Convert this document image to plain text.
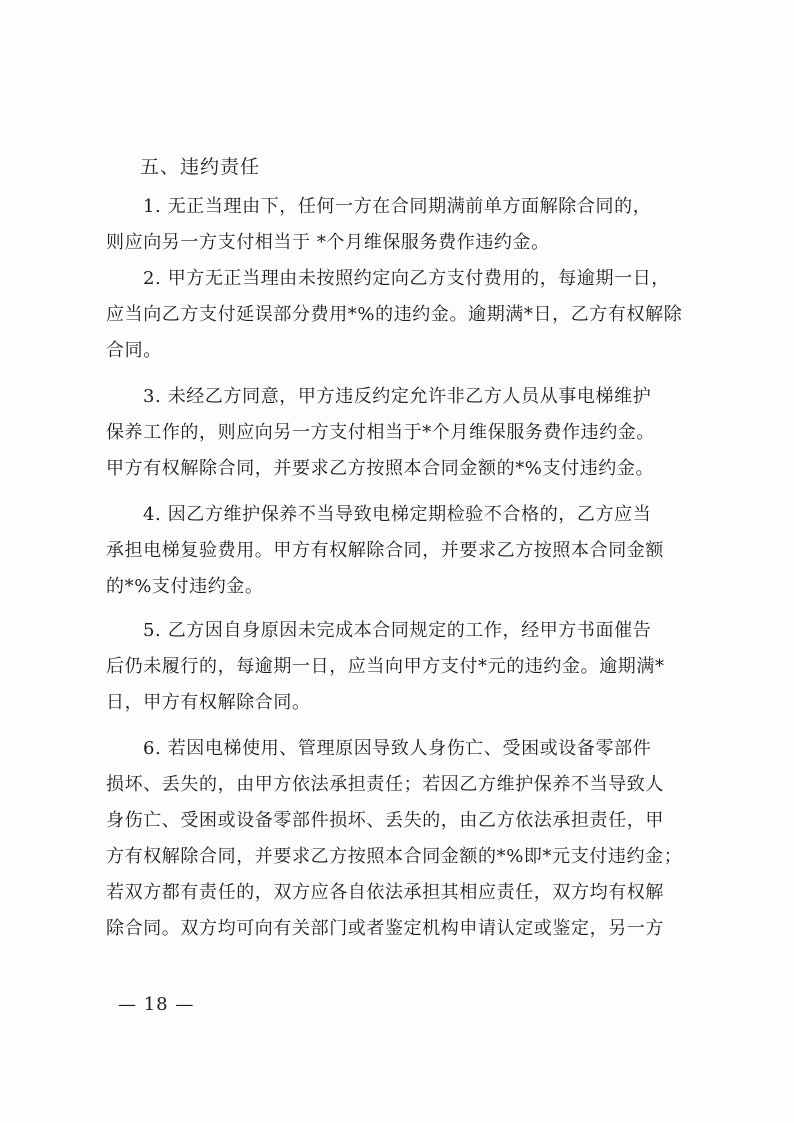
五、违约责任
1. 无正当理由下，任何一方在合同期满前单方面解除合同的，
则应向另一方支付相当于 *个月维保服务费作违约金。
2. 甲方无正当理由未按照约定向乙方支付费用的，每逾期一日，
应当向乙方支付延误部分费用*%的违约金。逾期满*日，乙方有权解除
合同。
3. 未经乙方同意，甲方违反约定允许非乙方人员从事电梯维护
保养工作的，则应向另一方支付相当于*个月维保服务费作违约金。
甲方有权解除合同，并要求乙方按照本合同金额的*%支付违约金。
4. 因乙方维护保养不当导致电梯定期检验不合格的，乙方应当
承担电梯复验费用。甲方有权解除合同，并要求乙方按照本合同金额
的*%支付违约金。
5. 乙方因自身原因未完成本合同规定的工作，经甲方书面催告
后仍未履行的，每逾期一日，应当向甲方支付*元的违约金。逾期满*
日，甲方有权解除合同。
6. 若因电梯使用、管理原因导致人身伤亡、受困或设备零部件
损坏、丢失的，由甲方依法承担责任；若因乙方维护保养不当导致人
身伤亡、受困或设备零部件损坏、丢失的，由乙方依法承担责任，甲
方有权解除合同，并要求乙方按照本合同金额的*%即*元支付违约金；
若双方都有责任的，双方应各自依法承担其相应责任，双方均有权解
除合同。双方均可向有关部门或者鉴定机构申请认定或鉴定，另一方
— 18 —
